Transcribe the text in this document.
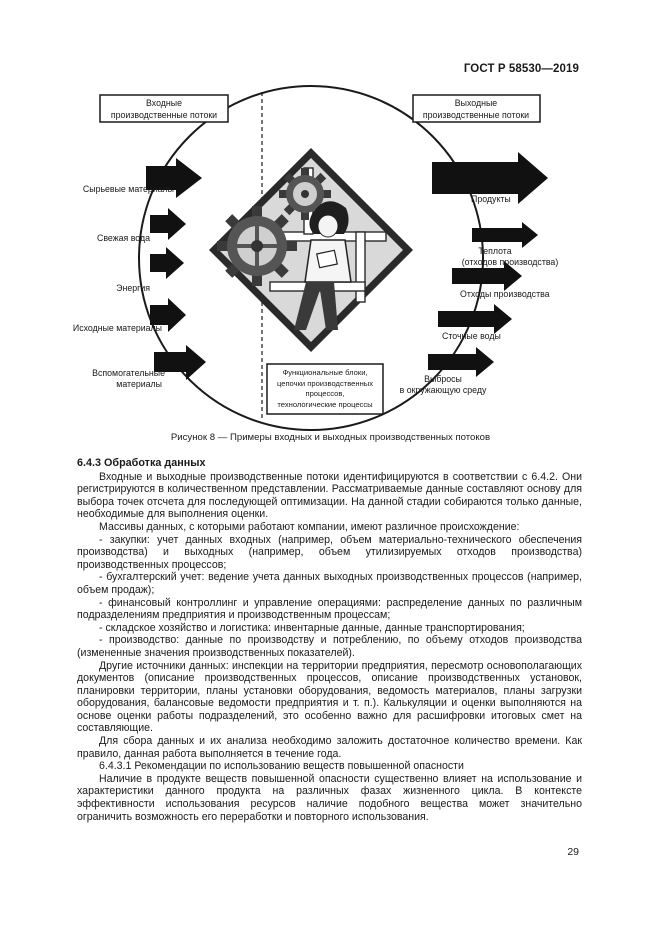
ГОСТ Р 58530—2019
Входные
производственные потоки
Выходные
производственные потоки
Сырьевые материалы
Свежая вода
Энергия
Исходные материалы
Вспомогательные
материалы
Продукты
Теплота
(отходов производства)
Отходы производства
Сточные воды
Выбросы
в окружающую среду
Функциональные блоки,
цепочки производственных
процессов,
технологические процессы
Рисунок 8 — Примеры входных и выходных производственных потоков
6.4.3 Обработка данных

Входные и выходные производственные потоки идентифицируются в соответствии с 6.4.2. Они регистрируются в количественном представлении. Рассматриваемые данные составляют основу для выбора точек отсчета для последующей оптимизации. На данной стадии собираются только данные, необходимые для выполнения оценки.

Массивы данных, с которыми работают компании, имеют различное происхождение:

- закупки: учет данных входных (например, объем материально-технического обеспечения производства) и выходных (например, объем утилизируемых отходов производства) производственных процессов;

- бухгалтерский учет: ведение учета данных выходных производственных процессов (например, объем продаж);

- финансовый контроллинг и управление операциями: распределение данных по различным подразделениям предприятия и производственным процессам;

- складское хозяйство и логистика: инвентарные данные, данные транспортирования;

- производство: данные по производству и потреблению, по объему отходов производства (измененные значения производственных показателей).

Другие источники данных: инспекции на территории предприятия, пересмотр основополагающих документов (описание производственных процессов, описание производственных установок, планировки территории, планы установки оборудования, ведомость материалов, планы загрузки оборудования, балансовые ведомости предприятия и т. п.). Калькуляции и оценки выполняются на основе оценки работы подразделений, это особенно важно для расшифровки итоговых смет на составляющие.

Для сбора данных и их анализа необходимо заложить достаточное количество времени. Как правило, данная работа выполняется в течение года.

6.4.3.1 Рекомендации по использованию веществ повышенной опасности

Наличие в продукте веществ повышенной опасности существенно влияет на использование и характеристики данного продукта на различных фазах жизненного цикла. В контексте эффективности использования ресурсов наличие подобного вещества может значительно ограничить возможность его переработки и повторного использования.

29
